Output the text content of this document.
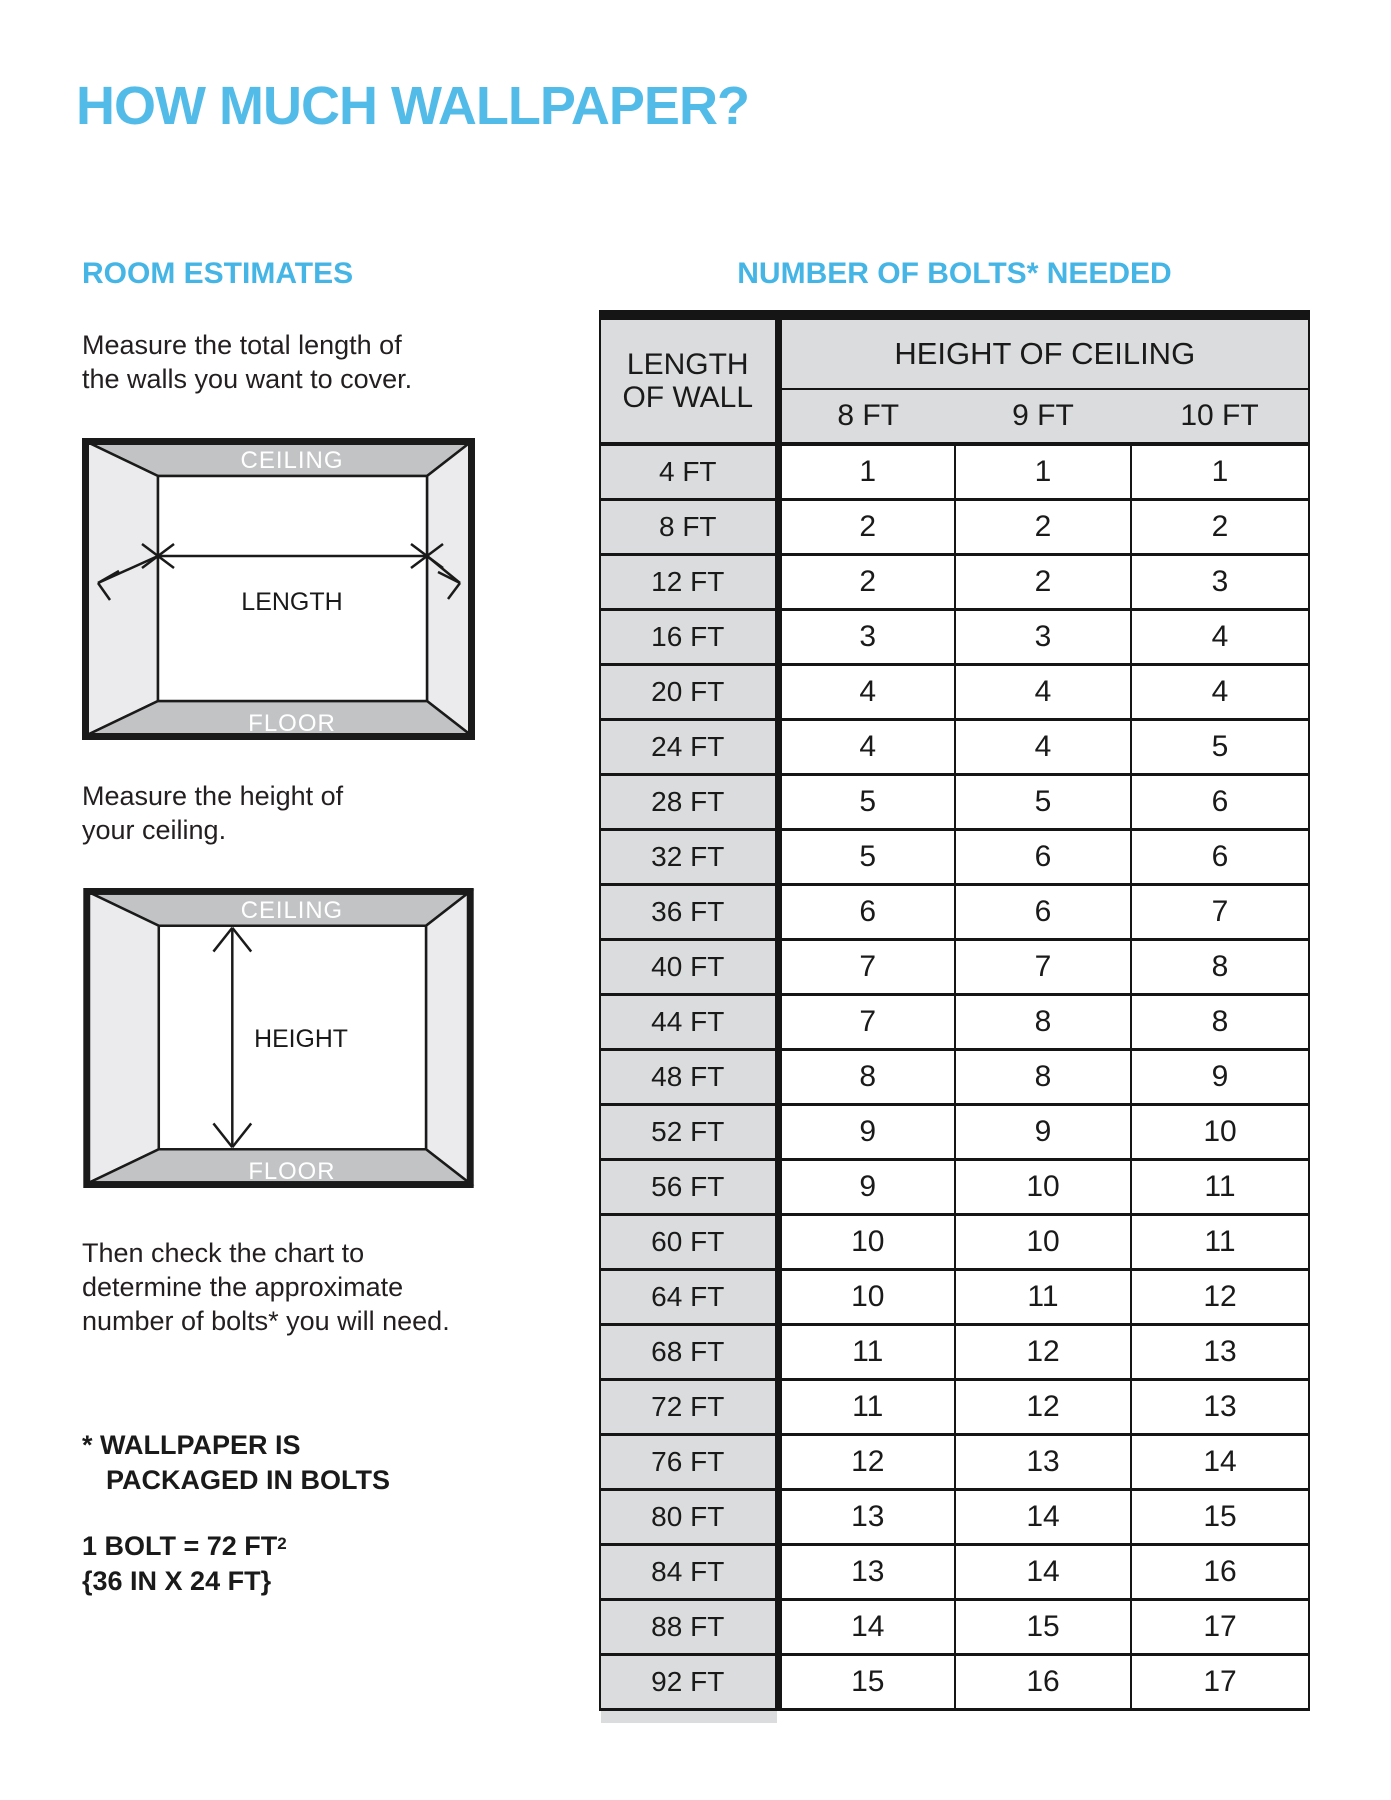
HOW MUCH WALLPAPER?
ROOM ESTIMATES
Measure the total length of
the walls you want to cover.
CEILING
FLOOR
LENGTH
Measure the height of
your ceiling.
CEILING
FLOOR
HEIGHT
Then check the chart to
determine the approximate
number of bolts* you will need.
* WALLPAPER IS
PACKAGED IN BOLTS
1 BOLT = 72 $FT^2$
{36 IN X 24 FT}
NUMBER OF BOLTS* NEEDED
LENGTH
OF WALL	HEIGHT OF CEILING		
	8 FT	9 FT	10 FT
4 FT	1	1	1
8 FT	2	2	2
12 FT	2	2	3
16 FT	3	3	4
20 FT	4	4	4
24 FT	4	4	5
28 FT	5	5	6
32 FT	5	6	6
36 FT	6	6	7
40 FT	7	7	8
44 FT	7	8	8
48 FT	8	8	9
52 FT	9	9	10
56 FT	9	10	11
60 FT	10	10	11
64 FT	10	11	12
68 FT	11	12	13
72 FT	11	12	13
76 FT	12	13	14
80 FT	13	14	15
84 FT	13	14	16
88 FT	14	15	17
92 FT	15	16	17
